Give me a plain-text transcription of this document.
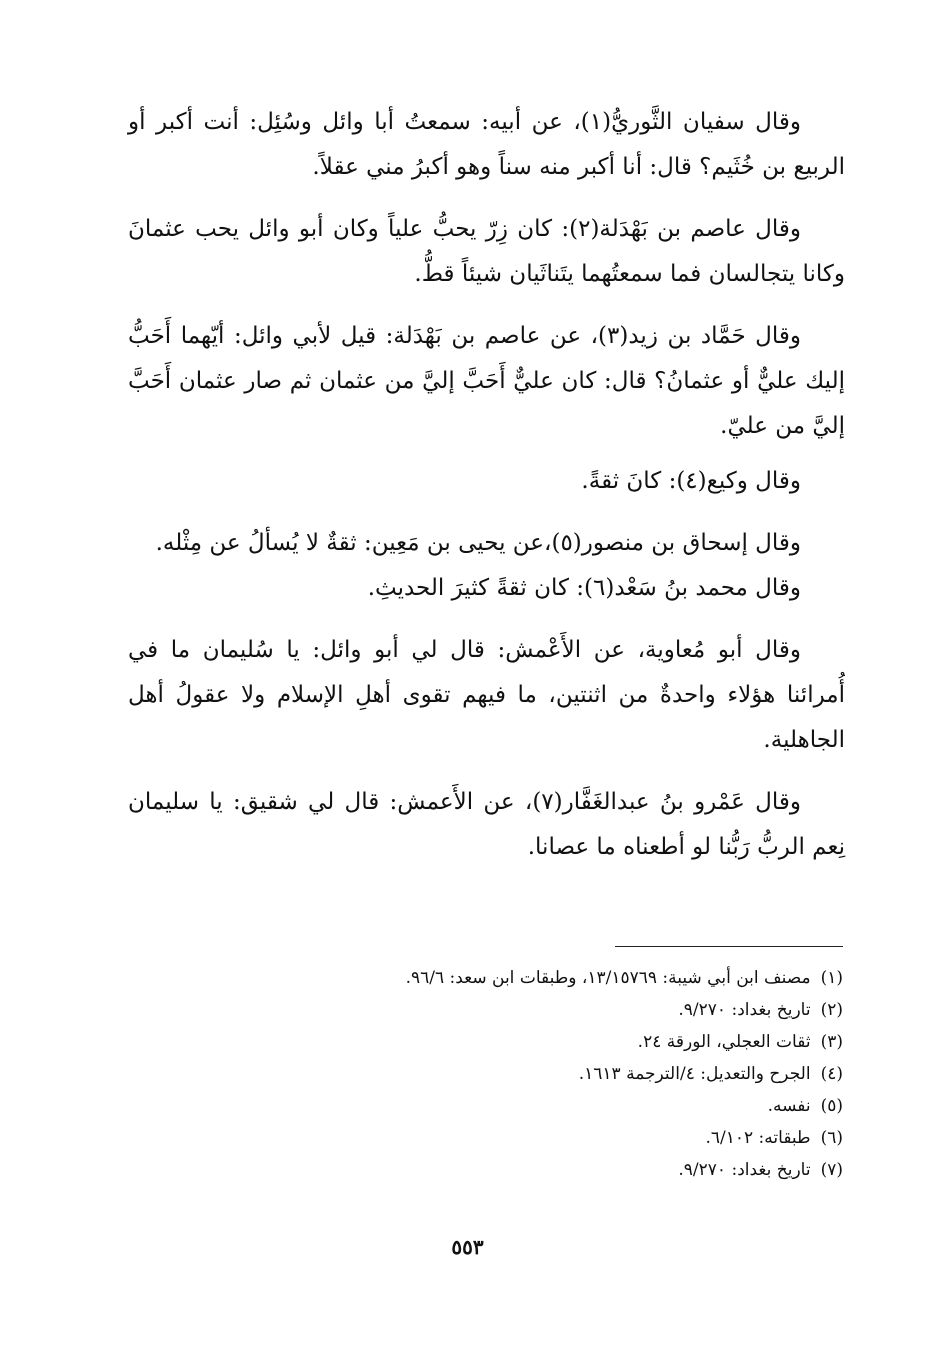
وقال سفيان الثَّوريُّ(١)، عن أبيه: سمعتُ أبا وائل وسُئِل: أنت أكبر أو الربيع بن خُثَيم؟ قال: أنا أكبر منه سناً وهو أكبرُ مني عقلاً.

وقال عاصم بن بَهْدَلة(٢): كان زِرّ يحبُّ علياً وكان أبو وائل يحب عثمانَ وكانا يتجالسان فما سمعتُهما يتَناثَيان شيئاً قطُّ.

وقال حَمَّاد بن زيد(٣)، عن عاصم بن بَهْدَلة: قيل لأبي وائل: أيّهما أَحَبُّ إليك عليٌّ أو عثمانُ؟ قال: كان عليٌّ أَحَبَّ إليَّ من عثمان ثم صار عثمان أَحَبَّ إليَّ من عليّ.

وقال وكيع(٤): كانَ ثقةً.

وقال إسحاق بن منصور(٥)،عن يحيى بن مَعِين: ثقةٌ لا يُسألُ عن مِثْله.

وقال محمد بنُ سَعْد(٦): كان ثقةً كثيرَ الحديثِ.

وقال أبو مُعاوية، عن الأَعْمش: قال لي أبو وائل: يا سُليمان ما في أُمرائنا هؤلاء واحدةٌ من اثنتين، ما فيهم تقوى أهلِ الإسلام ولا عقولُ أهل الجاهلية.

وقال عَمْرو بنُ عبدالغَفَّار(٧)، عن الأَعمش: قال لي شقيق: يا سليمان نِعم الربُّ رَبُّنا لو أطعناه ما عصانا.

(١)مصنف ابن أبي شيبة: ١٣/١٥٧٦٩، وطبقات ابن سعد: ٩٦/٦.

(٢)تاريخ بغداد: ٩/٢٧٠.

(٣)ثقات العجلي، الورقة ٢٤.

(٤)الجرح والتعديل: ٤/الترجمة ١٦١٣.

(٥)نفسه.

(٦)طبقاته: ٦/١٠٢.

(٧)تاريخ بغداد: ٩/٢٧٠.

٥٥٣
